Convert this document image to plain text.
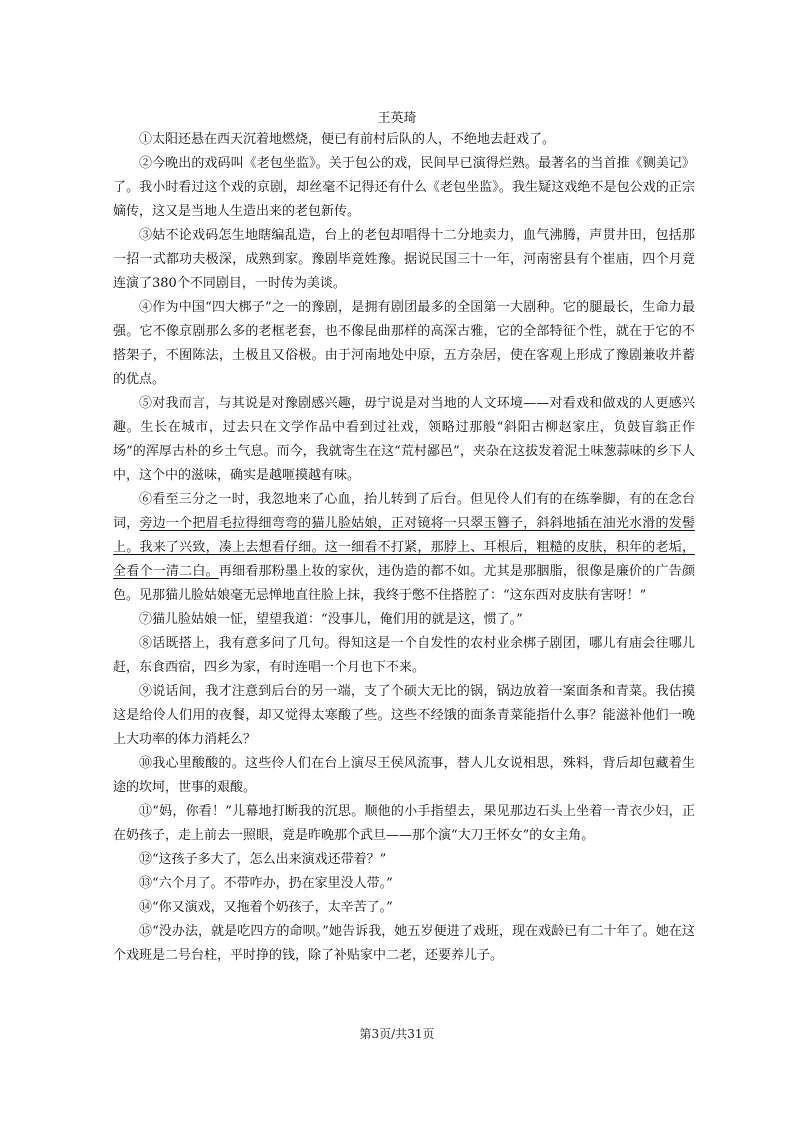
王英琦

①太阳还悬在西天沉着地燃烧，便已有前村后队的人，不绝地去赶戏了。

②今晚出的戏码叫《老包坐监》。关于包公的戏，民间早已演得烂熟。最著名的当首推《铡美记》了。我小时看过这个戏的京剧，却丝毫不记得还有什么《老包坐监》。我生疑这戏绝不是包公戏的正宗嫡传，这又是当地人生造出来的老包新传。

③姑不论戏码怎生地瞎编乱造，台上的老包却唱得十二分地卖力，血气沸腾，声贯井田，包括那一招一式都功夫极深，成熟到家。豫剧毕竟姓豫。据说民国三十一年，河南密县有个崔庙，四个月竟连演了380个不同剧目，一时传为美谈。

④作为中国“四大梆子”之一的豫剧，是拥有剧团最多的全国第一大剧种。它的腿最长，生命力最强。它不像京剧那么多的老框老套，也不像昆曲那样的高深古雅，它的全部特征个性，就在于它的不搭架子，不囿陈法，土极且又俗极。由于河南地处中原，五方杂居，使在客观上形成了豫剧兼收并蓄的优点。

⑤对我而言，与其说是对豫剧感兴趣，毋宁说是对当地的人文环境——对看戏和做戏的人更感兴趣。生长在城市，过去只在文学作品中看到过社戏，领略过那般“斜阳古柳赵家庄，负鼓盲翁正作场”的浑厚古朴的乡土气息。而今，我就寄生在这“荒村鄙邑”，夹杂在这拔发着泥土味葱蒜味的乡下人中，这个中的滋味，确实是越咂摸越有味。

⑥看至三分之一时，我忽地来了心血，抬儿转到了后台。但见伶人们有的在练拳脚，有的在念台词，旁边一个把眉毛拉得细弯弯的猫儿脸姑娘，正对镜将一只翠玉簪子，斜斜地插在油光水滑的发髻上。我来了兴致，凑上去想看仔细。这一细看不打紧，那脖上、耳根后，粗糙的皮肤，积年的老垢，全看个一清二白。再细看那粉墨上妆的家伙，违伪造的都不如。尤其是那胭脂，很像是廉价的广告颜色。见那猫儿脸姑娘毫无忌惮地直往脸上抹，我终于憋不住搭腔了：“这东西对皮肤有害呀！”

⑦猫儿脸姑娘一怔，望望我道：“没事儿，俺们用的就是这，惯了。”

⑧话既搭上，我有意多问了几句。得知这是一个自发性的农村业余梆子剧团，哪儿有庙会往哪儿赶，东食西宿，四乡为家，有时连唱一个月也下不来。

⑨说话间，我才注意到后台的另一端，支了个硕大无比的锅，锅边放着一案面条和青菜。我估摸这是给伶人们用的夜餐，却又觉得太寒酸了些。这些不经饿的面条青菜能指什么事？能滋补他们一晚上大功率的体力消耗么？

⑩我心里酸酸的。这些伶人们在台上演尽王侯风流事，替人儿女说相思，殊料，背后却包藏着生途的坎坷，世事的艰酸。

⑪“妈，你看！”儿幕地打断我的沉思。顺他的小手指望去，果见那边石头上坐着一青衣少妇，正在奶孩子，走上前去一照眼，竟是昨晚那个武旦——那个演“大刀王怀女”的女主角。

⑫“这孩子多大了，怎么出来演戏还带着？”

⑬“六个月了。不带咋办，扔在家里没人带。”

⑭“你又演戏，又拖着个奶孩子，太辛苦了。”

⑮“没办法，就是吃四方的命呗。”她告诉我，她五岁便进了戏班，现在戏龄已有二十年了。她在这个戏班是二号台柱，平时挣的钱，除了补贴家中二老，还要养儿子。

第3页/共31页
